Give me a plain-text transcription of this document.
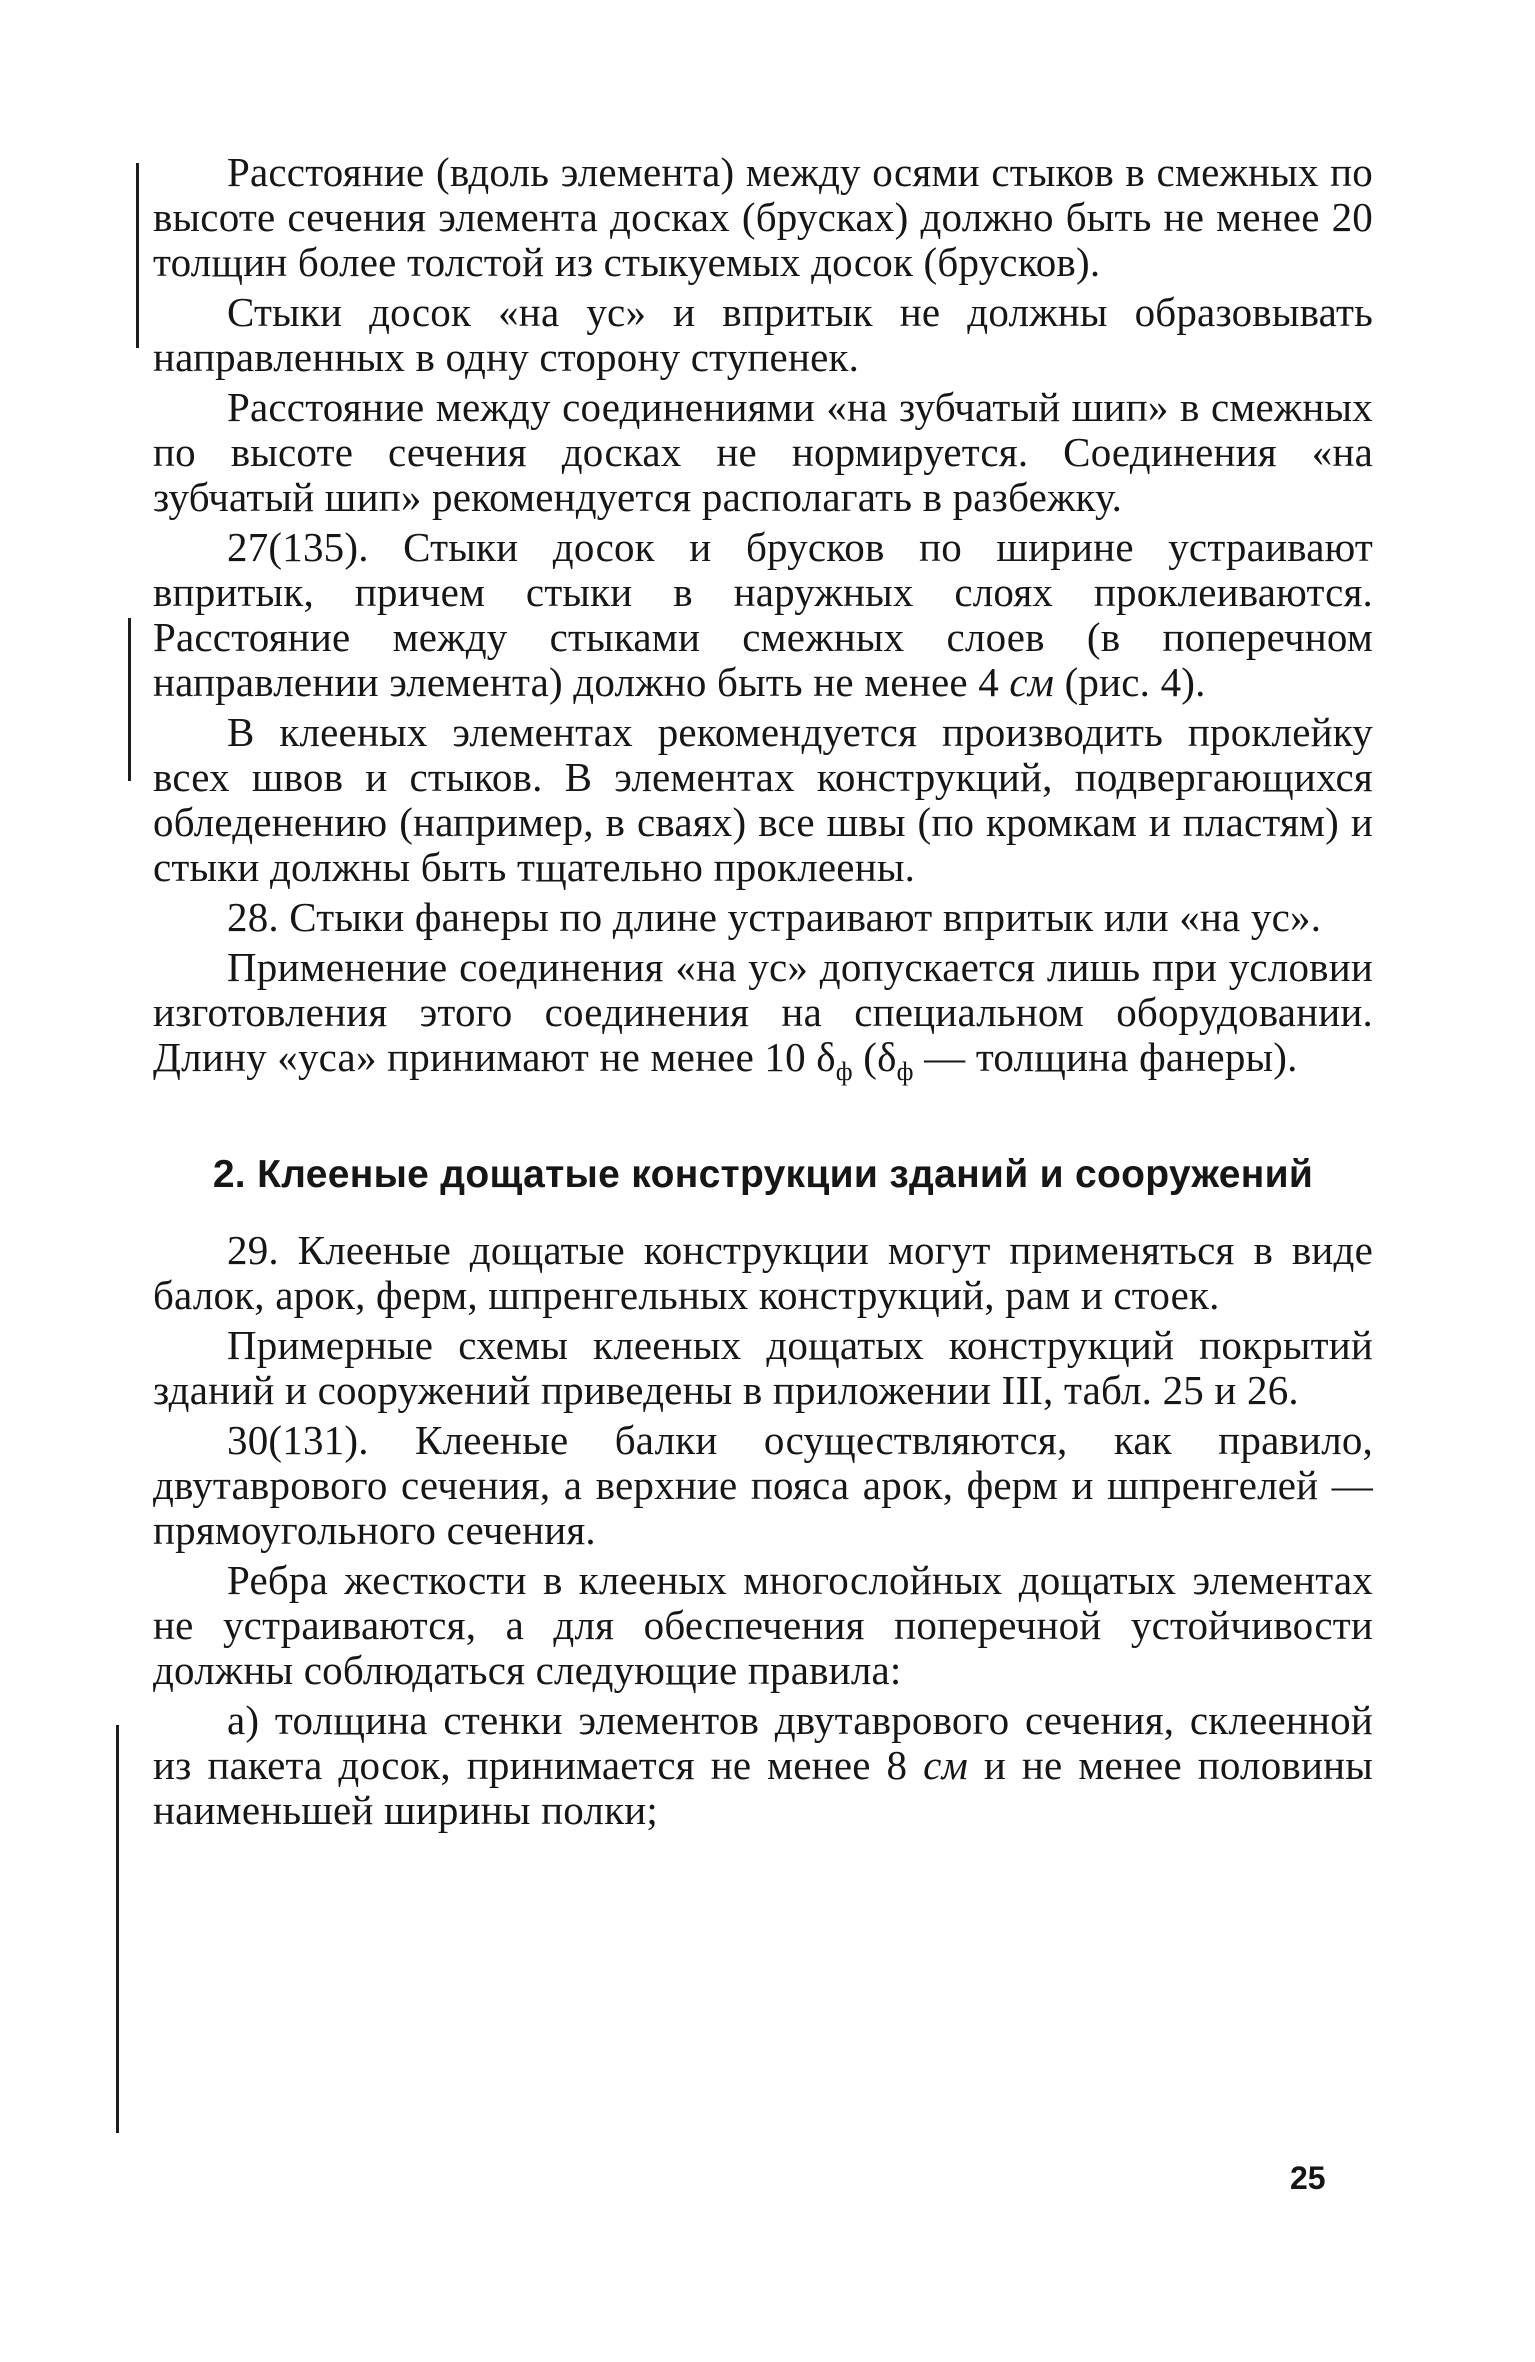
Расстояние (вдоль элемента) между осями стыков в смежных по высоте сечения элемента досках (брусках) должно быть не менее 20 толщин более толстой из стыкуемых досок (брусков).

Стыки досок «на ус» и впритык не должны образовывать направленных в одну сторону ступенек.

Расстояние между соединениями «на зубчатый шип» в смежных по высоте сечения досках не нормируется. Соединения «на зубчатый шип» рекомендуется располагать в разбежку.

27(135). Стыки досок и брусков по ширине устраивают впритык, причем стыки в наружных слоях проклеиваются. Расстояние между стыками смежных слоев (в поперечном направлении элемента) должно быть не менее 4 см (рис. 4).

В клееных элементах рекомендуется производить проклейку всех швов и стыков. В элементах конструкций, подвергающихся обледенению (например, в сваях) все швы (по кромкам и пластям) и стыки должны быть тщательно проклеены.

28. Стыки фанеры по длине устраивают впритык или «на ус».

Применение соединения «на ус» допускается лишь при условии изготовления этого соединения на специальном оборудовании. Длину «уса» принимают не менее 10 $\delta_ф$ ($\delta_ф$ — толщина фанеры).

2. Клееные дощатые конструкции зданий и сооружений

29. Клееные дощатые конструкции могут применяться в виде балок, арок, ферм, шпренгельных конструкций, рам и стоек.

Примерные схемы клееных дощатых конструкций покрытий зданий и сооружений приведены в приложении III, табл. 25 и 26.

30(131). Клееные балки осуществляются, как правило, двутаврового сечения, а верхние пояса арок, ферм и шпренгелей — прямоугольного сечения.

Ребра жесткости в клееных многослойных дощатых элементах не устраиваются, а для обеспечения поперечной устойчивости должны соблюдаться следующие правила:

а) толщина стенки элементов двутаврового сечения, склеенной из пакета досок, принимается не менее 8 см и не менее половины наименьшей ширины полки;

25
